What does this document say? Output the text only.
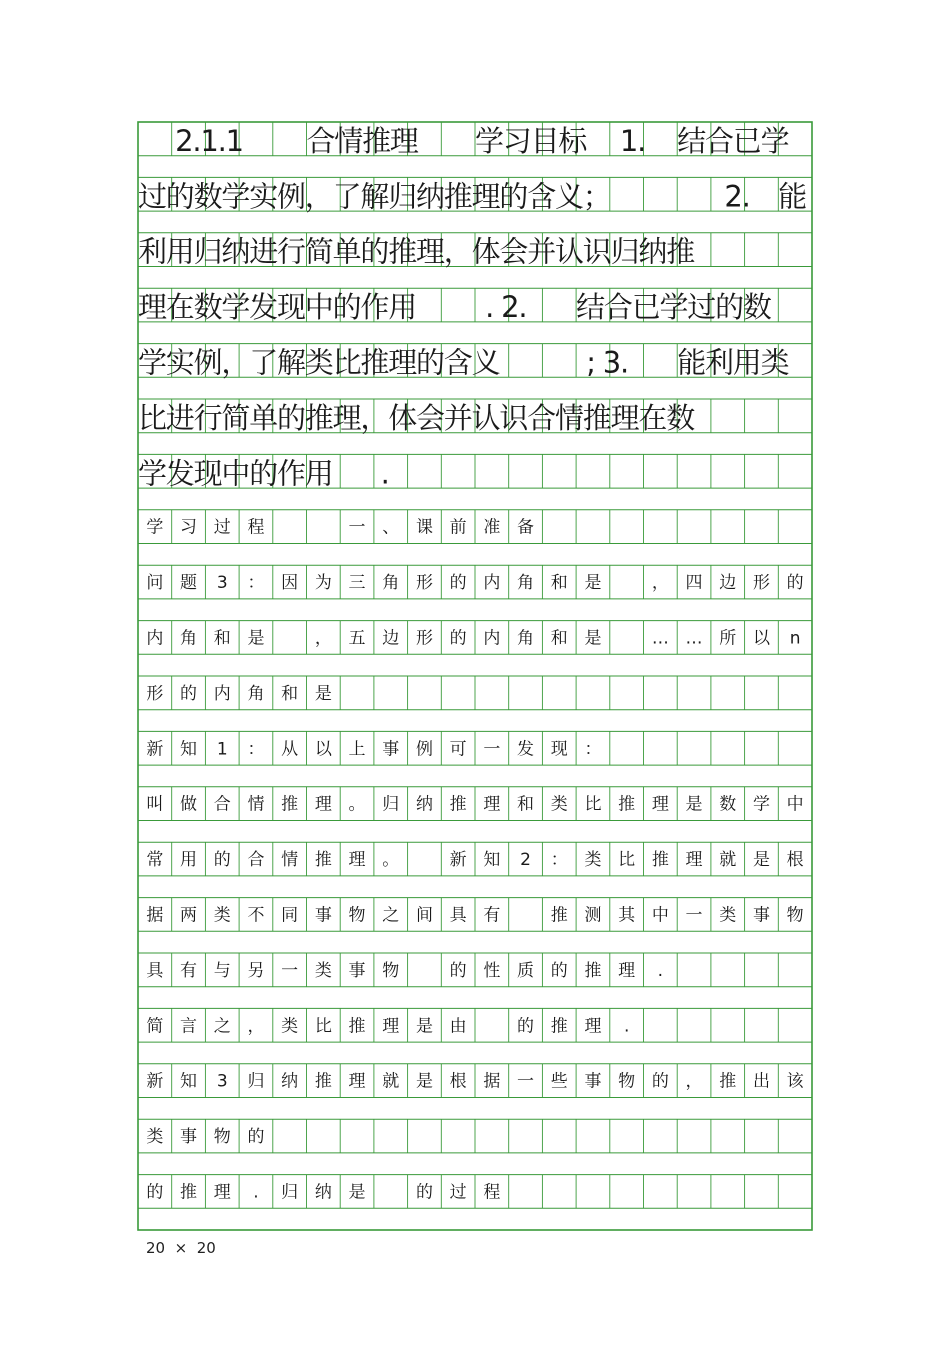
2.1.1 合情推理 学习目标 1. 结合已学
过的数学实例，了解归纳推理的含义；	2. 能
利用归纳进行简单的推理，体会并认识归纳推
理在数学发现中的作用 . 2. 结合已学过的数
学实例，了解类比推理的含义	; 3. 能利用类
比进行简单的推理，体会并认识合情推理在数
学发现中的作用 .
学 习 过 程	一 、 课 前 准 备
问 题 3 ： 因 为 三 角 形 的 内 角 和 是	， 四 边 形 的
内 角 和 是	， 五 边 形 的 内 角 和 是	… … 所 以 n
形 的 内 角 和 是
新 知 1 ： 从 以 上 事 例 可 一 发 现 ：
叫 做 合 情 推 理 。 归 纳 推 理 和 类 比 推 理 是 数 学 中
常 用 的 合 情 推 理 。	新 知 2 ： 类 比 推 理 就 是 根
据 两 类 不 同 事 物 之 间 具 有	推 测 其 中 一 类 事 物
具 有 与 另 一 类 事 物	的 性 质 的 推 理 .
简 言 之 ， 类 比 推 理 是 由	的 推 理 .
新 知 3 归 纳 推 理 就 是 根 据 一 些 事 物 的 ， 推 出 该
类 事 物 的
的 推 理 . 归 纳 是	的 过 程
20  ×  20
